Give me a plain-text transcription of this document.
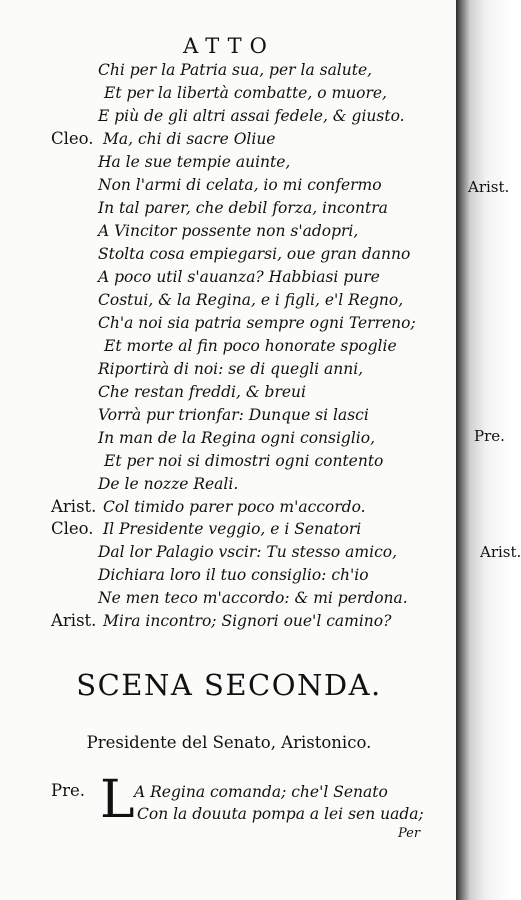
ATTO
Cleo.
Arist.
Cleo.
Arist.
Chi per la Patria sua, per la salute,
Et per la libertà combatte, o muore,
E più de gli altri assai fedele, & giusto.
Ma, chi di sacre Oliue
Ha le sue tempie auinte,
Non l'armi di celata, io mi confermo
In tal parer, che debil forza, incontra
A Vincitor possente non s'adopri,
Stolta cosa empiegarsi, oue gran danno
A poco util s'auanza? Habbiasi pure
Costui, & la Regina, e i figli, e'l Regno,
Ch'a noi sia patria sempre ogni Terreno;
Et morte al fin poco honorate spoglie
Riportirà di noi: se di quegli anni,
Che restan freddi, & breui
Vorrà pur trionfar: Dunque si lasci
In man de la Regina ogni consiglio,
Et per noi si dimostri ogni contento
De le nozze Reali.
Col timido parer poco m'accordo.
Il Presidente veggio, e i Senatori
Dal lor Palagio vscir: Tu stesso amico,
Dichiara loro il tuo consiglio: ch'io
Ne men teco m'accordo: & mi perdona.
Mira incontro; Signori oue'l camino?
SCENA SECONDA.
Presidente del Senato, Aristonico.
Pre. L A Regina comanda; che'l Senato
Con la douuta pompa a lei sen uada;
Per
Arist.
Pre.
Arist.
